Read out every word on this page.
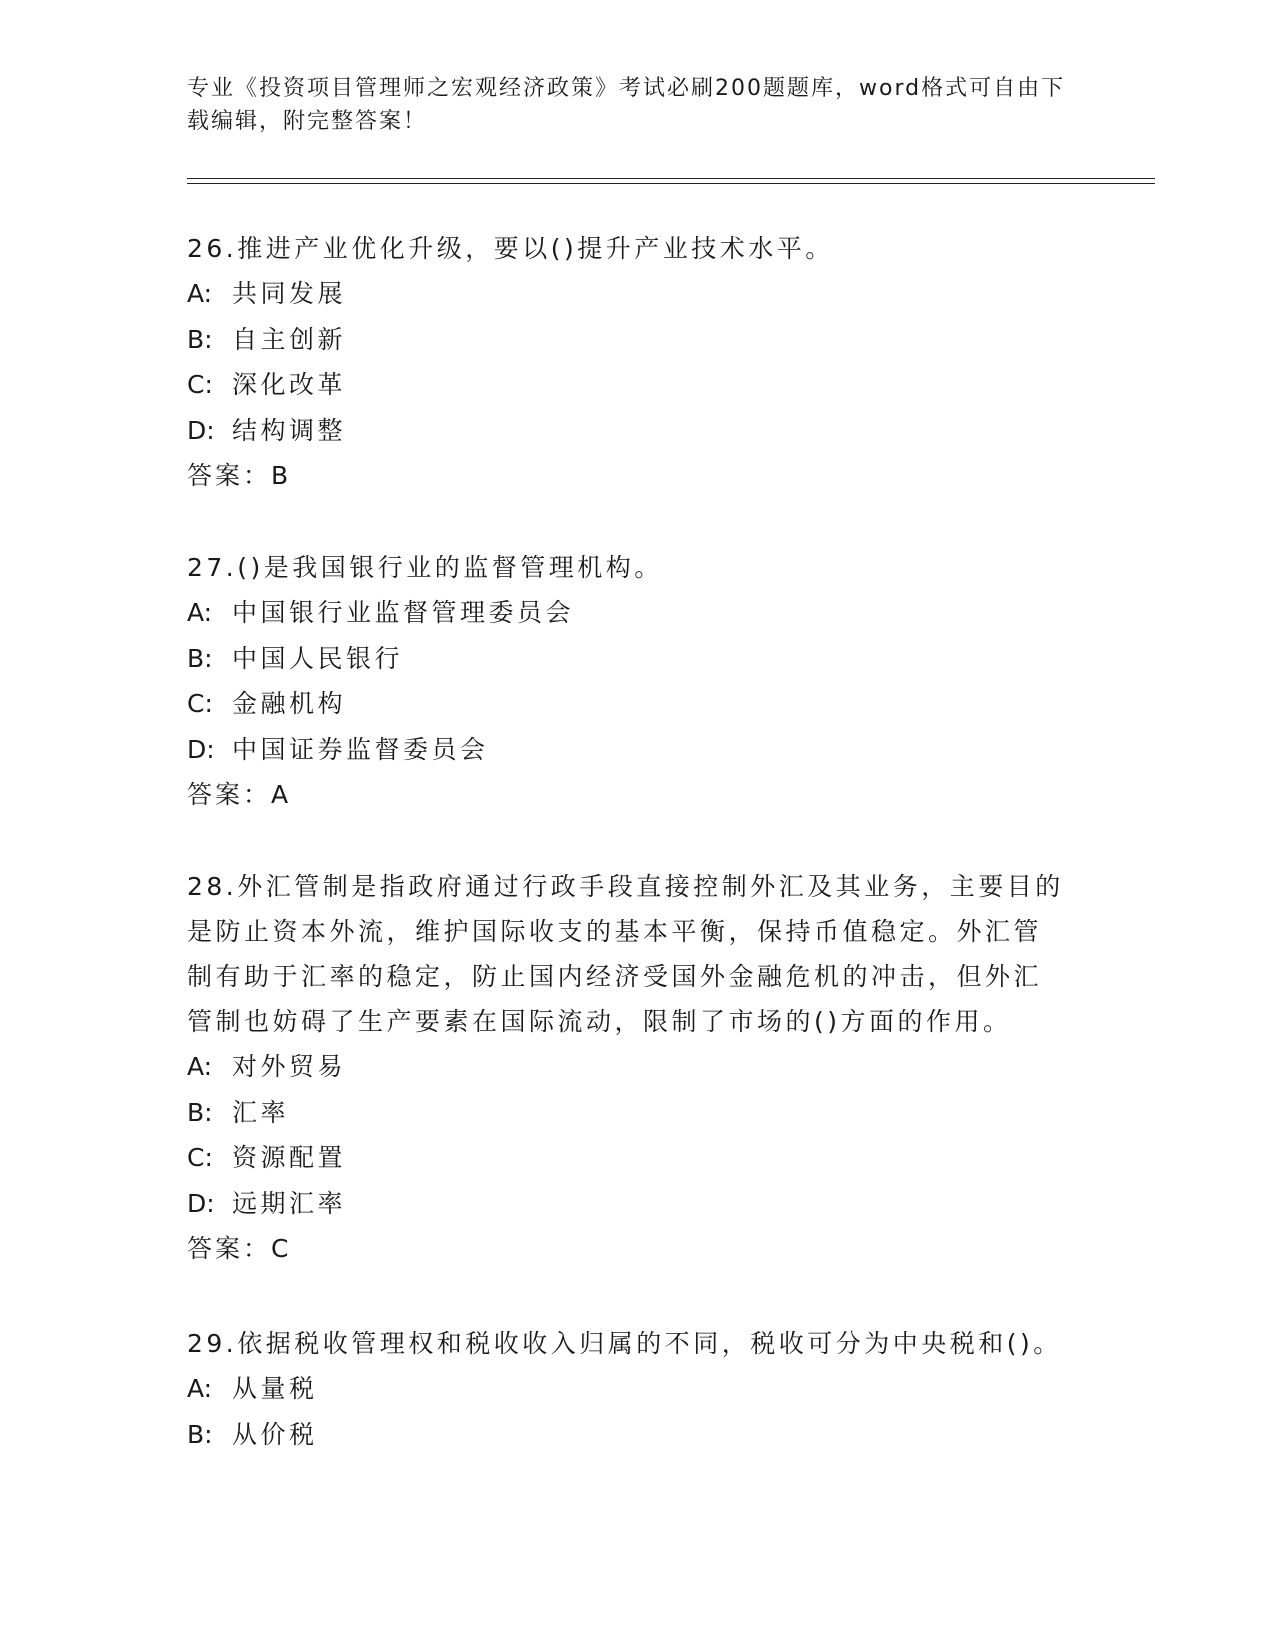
专业《投资项目管理师之宏观经济政策》考试必刷200题题库，word格式可自由下载编辑，附完整答案！

26.推进产业优化升级，要以()提升产业技术水平。

A: 共同发展

B: 自主创新

C: 深化改革

D: 结构调整

答案：B

27.()是我国银行业的监督管理机构。

A: 中国银行业监督管理委员会

B: 中国人民银行

C: 金融机构

D: 中国证券监督委员会

答案：A

28.外汇管制是指政府通过行政手段直接控制外汇及其业务，主要目的是防止资本外流，维护国际收支的基本平衡，保持币值稳定。外汇管制有助于汇率的稳定，防止国内经济受国外金融危机的冲击，但外汇管制也妨碍了生产要素在国际流动，限制了市场的()方面的作用。

A: 对外贸易

B: 汇率

C: 资源配置

D: 远期汇率

答案：C

29.依据税收管理权和税收收入归属的不同，税收可分为中央税和()。

A: 从量税

B: 从价税
